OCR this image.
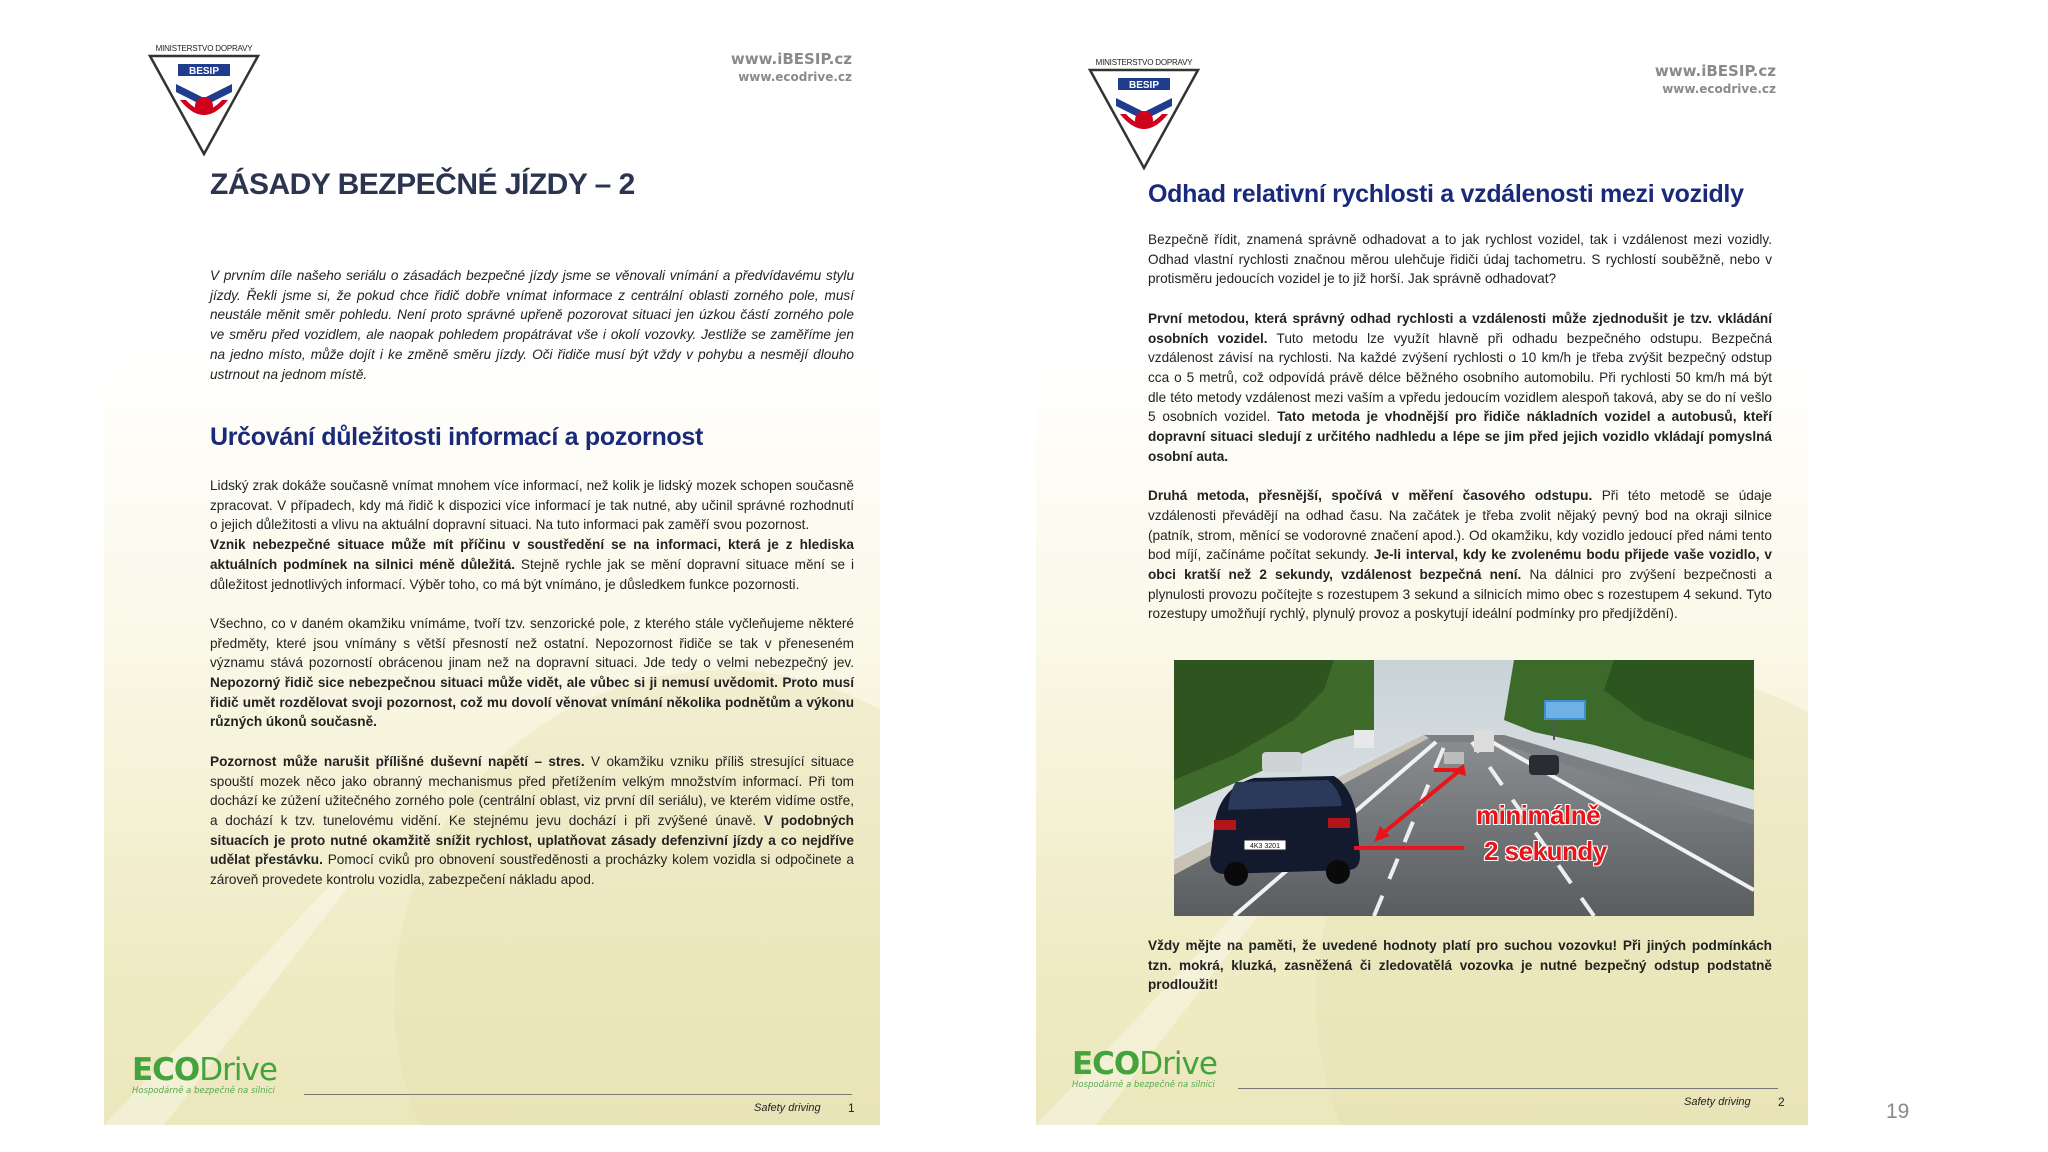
MINISTERSTVO DOPRAVY
BESIP
www.iBESIP.cz
www.ecodrive.cz
ZÁSADY BEZPEČNÉ JÍZDY – 2
V prvním díle našeho seriálu o zásadách bezpečné jízdy jsme se věnovali vnímání a předvídavému stylu jízdy. Řekli jsme si, že pokud chce řidič dobře vnímat informace z centrální oblasti zorného pole, musí neustále měnit směr pohledu. Není proto správné upřeně pozorovat situaci jen úzkou částí zorného pole ve směru před vozidlem, ale naopak pohledem propátrávat vše i okolí vozovky. Jestliže se zaměříme jen na jedno místo, může dojít i ke změně směru jízdy. Oči řidiče musí být vždy v pohybu a nesmějí dlouho ustrnout na jednom místě.
Určování důležitosti informací a pozornost

Lidský zrak dokáže současně vnímat mnohem více informací, než kolik je lidský mozek schopen současně zpracovat. V případech, kdy má řidič k dispozici více informací je tak nutné, aby učinil správné rozhodnutí o jejich důležitosti a vlivu na aktuální dopravní situaci. Na tuto informaci pak zaměří svou pozornost.

Vznik nebezpečné situace může mít příčinu v soustředění se na informaci, která je z hlediska aktuálních podmínek na silnici méně důležitá. Stejně rychle jak se mění dopravní situace mění se i důležitost jednotlivých informací. Výběr toho, co má být vnímáno, je důsledkem funkce pozornosti.

Všechno, co v daném okamžiku vnímáme, tvoří tzv. senzorické pole, z kterého stále vyčleňujeme některé předměty, které jsou vnímány s větší přesností než ostatní. Nepozornost řidiče se tak v přeneseném významu stává pozorností obrácenou jinam než na dopravní situaci. Jde tedy o velmi nebezpečný jev. Nepozorný řidič sice nebezpečnou situaci může vidět, ale vůbec si ji nemusí uvědomit. Proto musí řidič umět rozdělovat svoji pozornost, což mu dovolí věnovat vnímání několika podnětům a výkonu různých úkonů současně.

Pozornost může narušit přílišné duševní napětí – stres. V okamžiku vzniku příliš stresující situace spouští mozek něco jako obranný mechanismus před přetížením velkým množstvím informací. Při tom dochází ke zúžení užitečného zorného pole (centrální oblast, viz první díl seriálu), ve kterém vidíme ostře, a dochází k tzv. tunelovému vidění. Ke stejnému jevu dochází i při zvýšené únavě. V podobných situacích je proto nutné okamžitě snížit rychlost, uplatňovat zásady defenzivní jízdy a co nejdříve udělat přestávku. Pomocí cviků pro obnovení soustředěnosti a procházky kolem vozidla si odpočinete a zároveň provedete kontrolu vozidla, zabezpečení nákladu apod.

ECODrive
Hospodárně a bezpečně na silnici
Safety driving 1
MINISTERSTVO DOPRAVY
BESIP
www.iBESIP.cz
www.ecodrive.cz
Odhad relativní rychlosti a vzdálenosti mezi vozidly

Bezpečně řídit, znamená správně odhadovat a to jak rychlost vozidel, tak i vzdálenost mezi vozidly. Odhad vlastní rychlosti značnou měrou ulehčuje řidiči údaj tachometru. S rychlostí souběžně, nebo v protisměru jedoucích vozidel je to již horší. Jak správně odhadovat?

První metodou, která správný odhad rychlosti a vzdálenosti může zjednodušit je tzv. vkládání osobních vozidel. Tuto metodu lze využít hlavně při odhadu bezpečného odstupu. Bezpečná vzdálenost závisí na rychlosti. Na každé zvýšení rychlosti o 10 km/h je třeba zvýšit bezpečný odstup cca o 5 metrů, což odpovídá právě délce běžného osobního automobilu. Při rychlosti 50 km/h má být dle této metody vzdálenost mezi vaším a vpředu jedoucím vozidlem alespoň taková, aby se do ní vešlo 5 osobních vozidel. Tato metoda je vhodnější pro řidiče nákladních vozidel a autobusů, kteří dopravní situaci sledují z určitého nadhledu a lépe se jim před jejich vozidlo vkládají pomyslná osobní auta.

Druhá metoda, přesnější, spočívá v měření časového odstupu. Při této metodě se údaje vzdálenosti převádějí na odhad času. Na začátek je třeba zvolit nějaký pevný bod na okraji silnice (patník, strom, měnící se vodorovné značení apod.). Od okamžiku, kdy vozidlo jedoucí před námi tento bod míjí, začínáme počítat sekundy. Je-li interval, kdy ke zvolenému bodu přijede vaše vozidlo, v obci kratší než 2 sekundy, vzdálenost bezpečná není. Na dálnici pro zvýšení bezpečnosti a plynulosti provozu počítejte s rozestupem 3 sekund a silnicích mimo obec s rozestupem 4 sekund. Tyto rozestupy umožňují rychlý, plynulý provoz a poskytují ideální podmínky pro předjíždění).

4K3 3201
minimálně
2 sekundy

Vždy mějte na paměti, že uvedené hodnoty platí pro suchou vozovku! Při jiných podmínkách tzn. mokrá, kluzká, zasněžená či zledovatělá vozovka je nutné bezpečný odstup podstatně prodloužit!

ECODrive
Hospodárně a bezpečně na silnici
Safety driving 2	19
